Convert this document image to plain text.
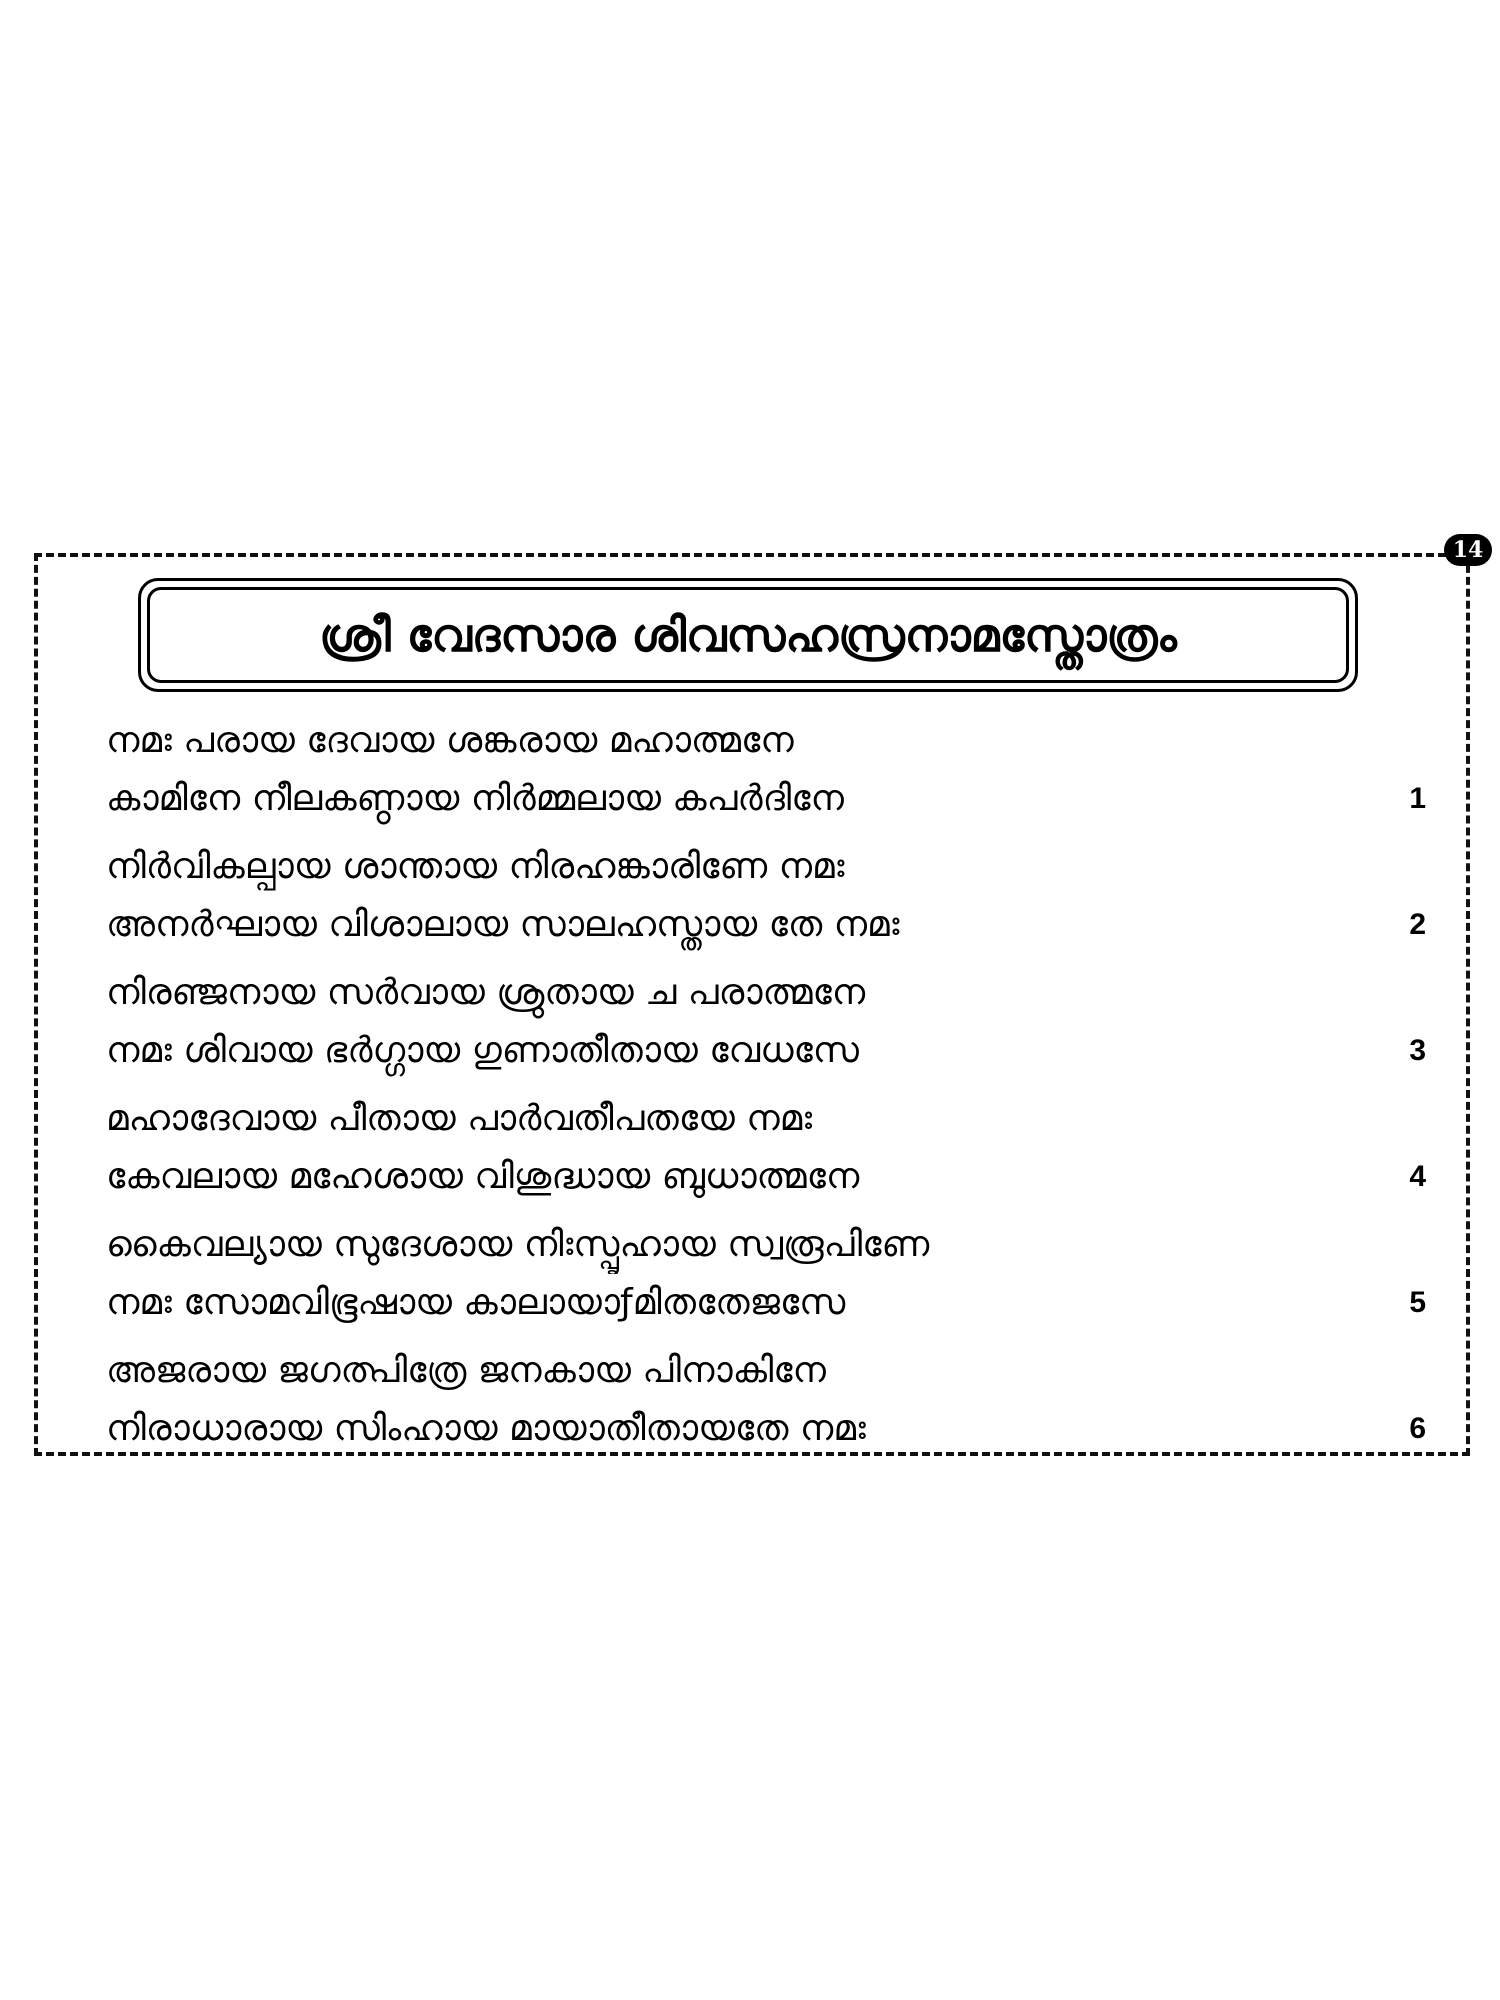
14
ശ്രീ വേദസാര ശിവസഹസ്രനാമസ്തോത്രം
നമഃ പരായ ദേവായ ശങ്കരായ മഹാത്മനേ
കാമിനേ നീലകണ്ഠായ നിർമ്മലായ കപർദിനേ	1
നിർവികല്പായ ശാന്തായ നിരഹങ്കാരിണേ നമഃ
അനർഘായ വിശാലായ സാലഹസ്തായ തേ നമഃ	2
നിരഞ്ജനായ സർവായ ശ്രുതായ ച പരാത്മനേ
നമഃ ശിവായ ഭർഗ്ഗായ ഗുണാതീതായ വേധസേ	3
മഹാദേവായ പീതായ പാർവതീപതയേ നമഃ
കേവലായ മഹേശായ വിശുദ്ധായ ബുധാത്മനേ	4
കൈവല്യായ സുദേശായ നിഃസ്പൃഹായ സ്വരൂപിണേ
നമഃ സോമവിഭൂഷായ കാലായാƒമിതതേജസേ	5
അജരായ ജഗത്പിത്രേ ജനകായ പിനാകിനേ
നിരാധാരായ സിംഹായ മായാതീതായതേ നമഃ	6
